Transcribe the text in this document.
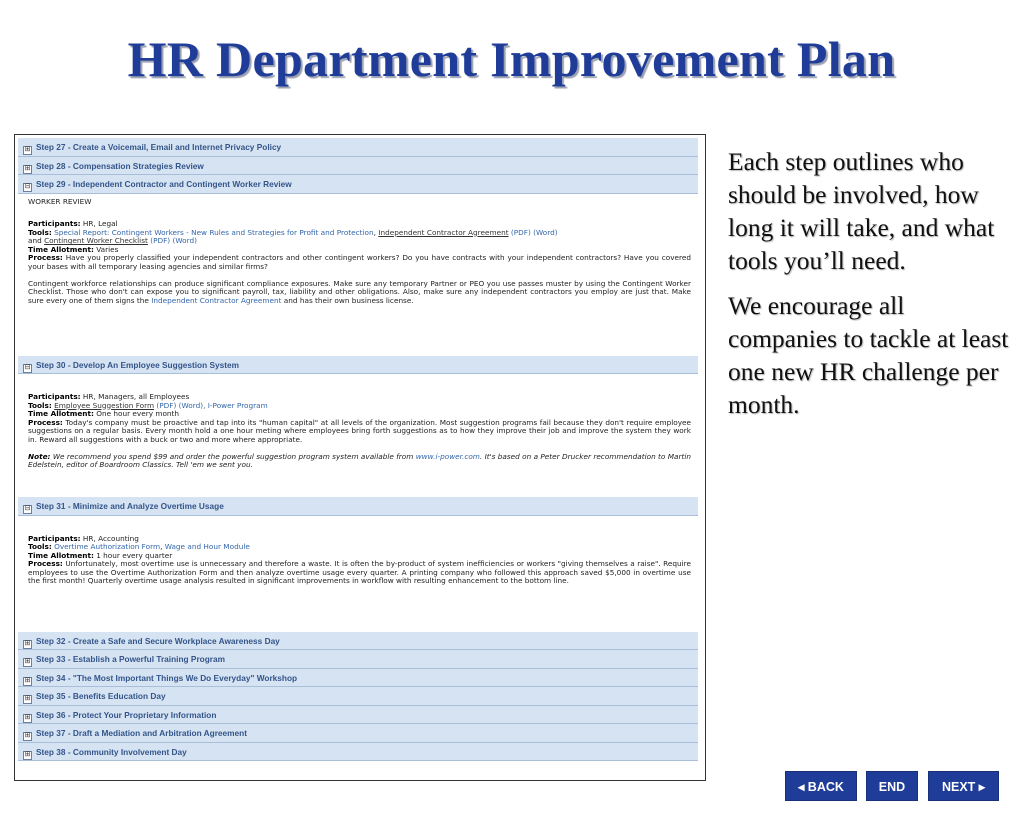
HR Department Improvement Plan
⊞ Step 27 - Create a Voicemail, Email and Internet Privacy Policy
⊞ Step 28 - Compensation Strategies Review
⊟ Step 29 - Independent Contractor and Contingent Worker Review

WORKER REVIEW

Participants: HR, Legal
Tools: Special Report: Contingent Workers - New Rules and Strategies for Profit and Protection, Independent Contractor Agreement (PDF) (Word)
and Contingent Worker Checklist (PDF) (Word)
Time Allotment: Varies
Process: Have you properly classified your independent contractors and other contingent workers? Do you have contracts with your independent contractors? Have you covered your bases with all temporary leasing agencies and similar firms?

Contingent workforce relationships can produce significant compliance exposures. Make sure any temporary Partner or PEO you use passes muster by using the Contingent Worker Checklist. Those who don't can expose you to significant payroll, tax, liability and other obligations. Also, make sure any independent contractors you employ are just that. Make sure every one of them signs the Independent Contractor Agreement and has their own business license.

⊟ Step 30 - Develop An Employee Suggestion System
Participants: HR, Managers, all Employees
Tools: Employee Suggestion Form (PDF) (Word), I-Power Program
Time Allotment: One hour every month
Process: Today's company must be proactive and tap into its "human capital" at all levels of the organization. Most suggestion programs fail because they don't require employee suggestions on a regular basis. Every month hold a one hour meting where employees bring forth suggestions as to how they improve their job and improve the system they work in. Reward all suggestions with a buck or two and more where appropriate.

Note: We recommend you spend $99 and order the powerful suggestion program system available from www.i-power.com. It's based on a Peter Drucker recommendation to Martin Edelstein, editor of Boardroom Classics. Tell 'em we sent you.

⊟ Step 31 - Minimize and Analyze Overtime Usage
Participants: HR, Accounting
Tools: Overtime Authorization Form, Wage and Hour Module
Time Allotment: 1 hour every quarter
Process: Unfortunately, most overtime use is unnecessary and therefore a waste. It is often the by-product of system inefficiencies or workers "giving themselves a raise". Require employees to use the Overtime Authorization Form and then analyze overtime usage every quarter. A printing company who followed this approach saved $5,000 in overtime use the first month! Quarterly overtime usage analysis resulted in significant improvements in workflow with resulting enhancement to the bottom line.
⊞ Step 32 - Create a Safe and Secure Workplace Awareness Day
⊞ Step 33 - Establish a Powerful Training Program
⊞ Step 34 - "The Most Important Things We Do Everyday" Workshop
⊞ Step 35 - Benefits Education Day
⊞ Step 36 - Protect Your Proprietary Information
⊞ Step 37 - Draft a Mediation and Arbitration Agreement
⊞ Step 38 - Community Involvement Day

Each step outlines who should be involved, how long it will take, and what tools you’ll need.

We encourage all companies to tackle at least one new HR challenge per month.

◂ BACK	END	NEXT ▸
